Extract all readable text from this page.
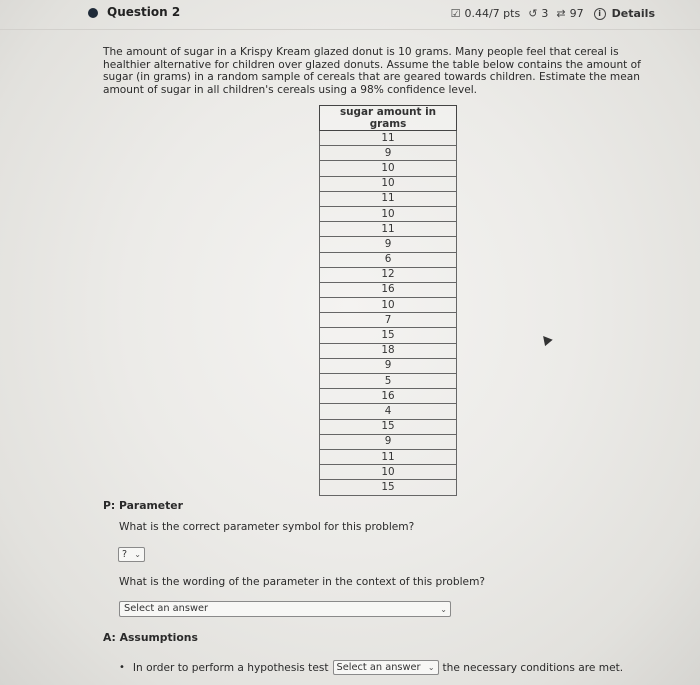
Question 2	☑ 0.44/7 pts ↺ 3 ⇄ 97	i Details
The amount of sugar in a Krispy Kream glazed donut is 10 grams. Many people feel that cereal is healthier alternative for children over glazed donuts. Assume the table below contains the amount of sugar (in grams) in a random sample of cereals that are geared towards children. Estimate the mean amount of sugar in all children's cereals using a 98% confidence level.
sugar amount in grams
11
9
10
10
11
10
11
9
6
12
16
10
7
15
18
9
5
16
4
15
9
11
10
15
P: Parameter
What is the correct parameter symbol for this problem?
? ⌄
What is the wording of the parameter in the context of this problem?
Select an answer	⌄
A: Assumptions
• In order to perform a hypothesis test Select an answer ⌄ the necessary conditions are met.
